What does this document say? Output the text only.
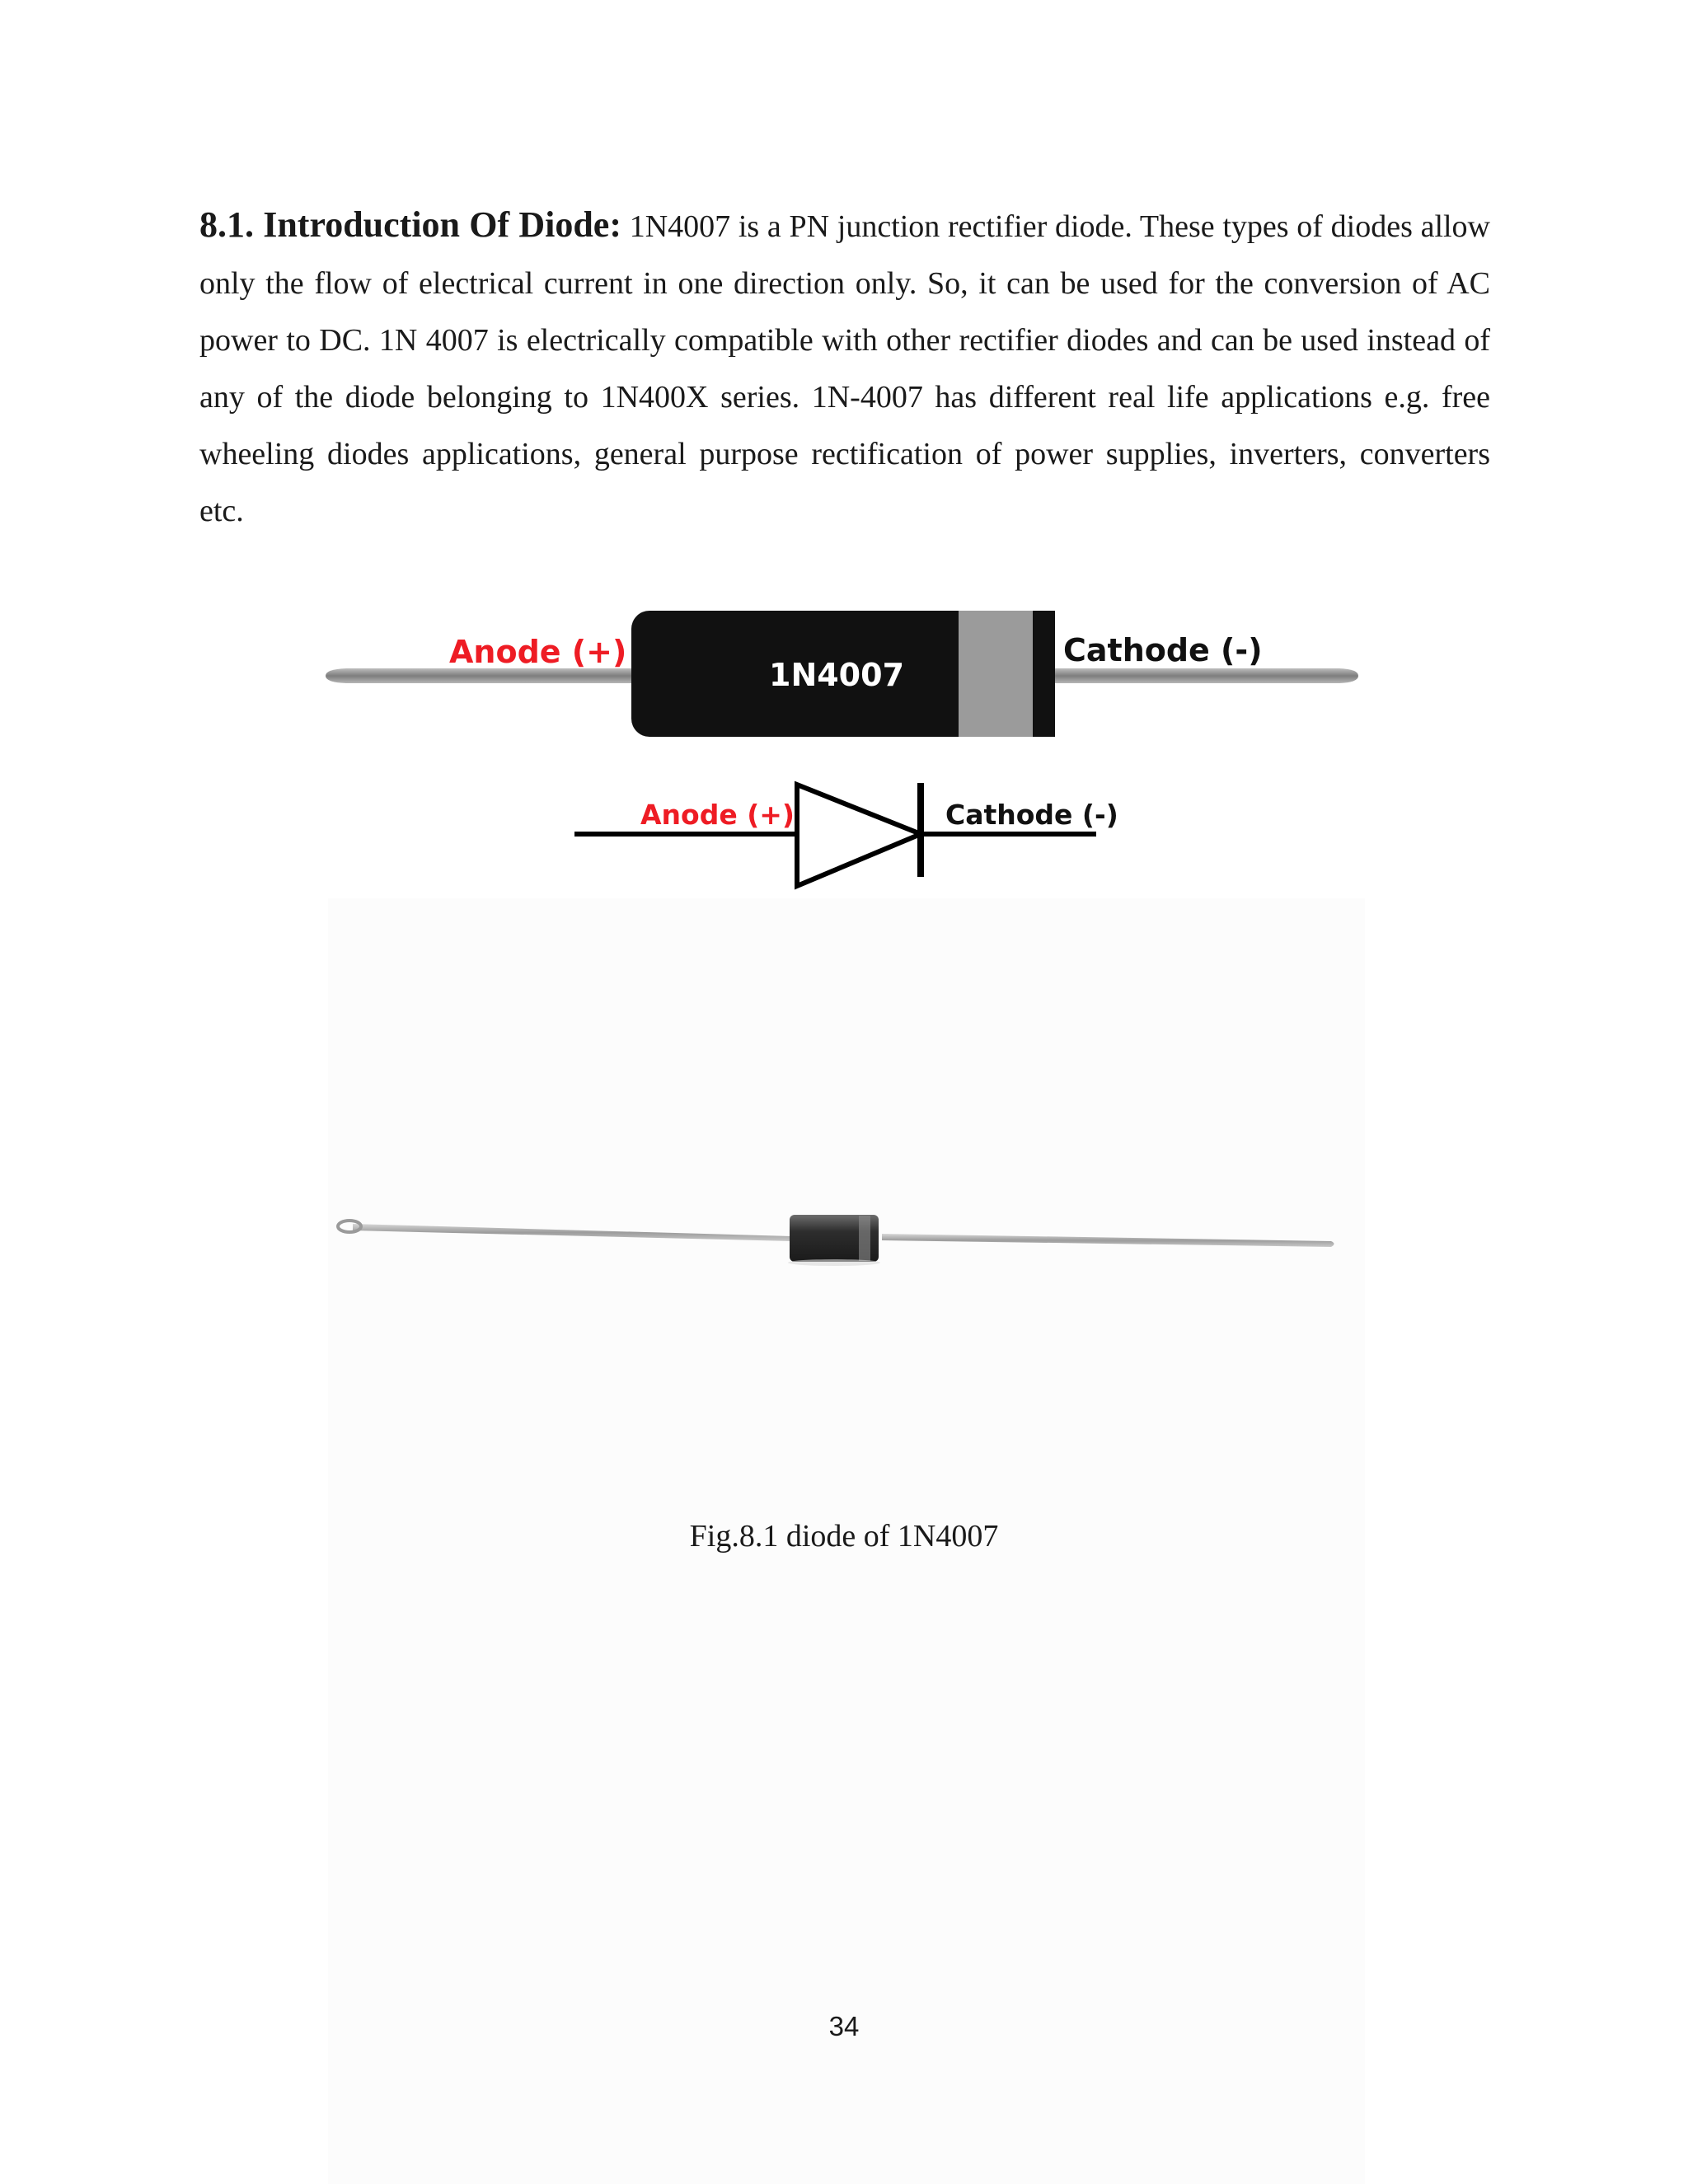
8.1. Introduction Of Diode: 1N4007 is a PN junction rectifier diode. These types of diodes allow only the flow of electrical current in one direction only. So, it can be used for the conversion of AC power to DC. 1N 4007 is electrically compatible with other rectifier diodes and can be used instead of any of the diode belonging to 1N400X series. 1N-4007 has different real life applications e.g. free wheeling diodes applications, general purpose rectification of power supplies, inverters, converters etc.

Anode (+)
1N4007
Cathode (-)
Anode (+)	Cathode (-)
Fig.8.1 diode of 1N4007
34
